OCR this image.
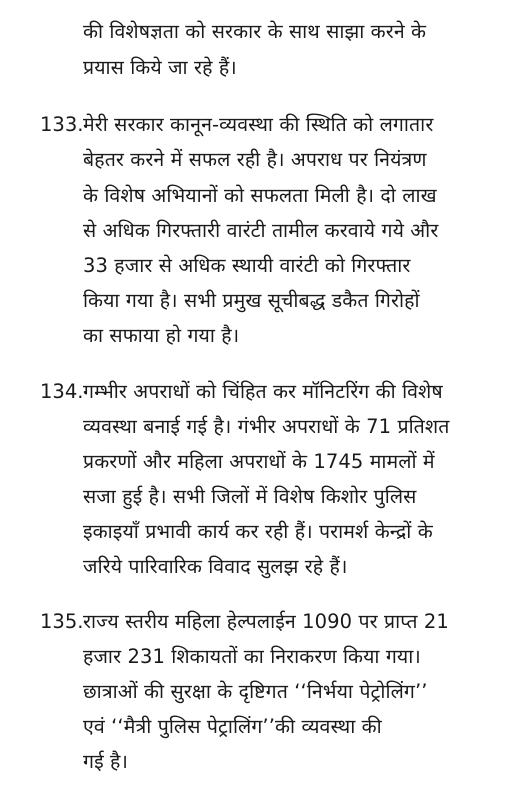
की विशेषज्ञता को सरकार के साथ साझा करने के
प्रयास किये जा रहे हैं।
133. मेरी सरकार कानून-व्यवस्था की स्थिति को लगातार
बेहतर करने में सफल रही है। अपराध पर नियंत्रण
के विशेष अभियानों को सफलता मिली है। दो लाख
से अधिक गिरफ्तारी वारंटी तामील करवाये गये और
33 हजार से अधिक स्थायी वारंटी को गिरफ्तार
किया गया है। सभी प्रमुख सूचीबद्ध डकैत गिरोहों
का सफाया हो गया है।
134. गम्भीर अपराधों को चिंहित कर मॉनिटरिंग की विशेष
व्यवस्था बनाई गई है। गंभीर अपराधों के 71 प्रतिशत
प्रकरणों और महिला अपराधों के 1745 मामलों में
सजा हुई है। सभी जिलों में विशेष किशोर पुलिस
इकाइयाँ प्रभावी कार्य कर रही हैं। परामर्श केन्द्रों के
जरिये पारिवारिक विवाद सुलझ रहे हैं।
135. राज्य स्तरीय महिला हेल्पलाईन 1090 पर प्राप्त 21
हजार 231 शिकायतों का निराकरण किया गया।
छात्राओं की सुरक्षा के दृष्टिगत ‘‘निर्भया पेट्रोलिंग’’
एवं ‘‘मैत्री पुलिस पेट्रालिंग’’की व्यवस्था की
गई है।
